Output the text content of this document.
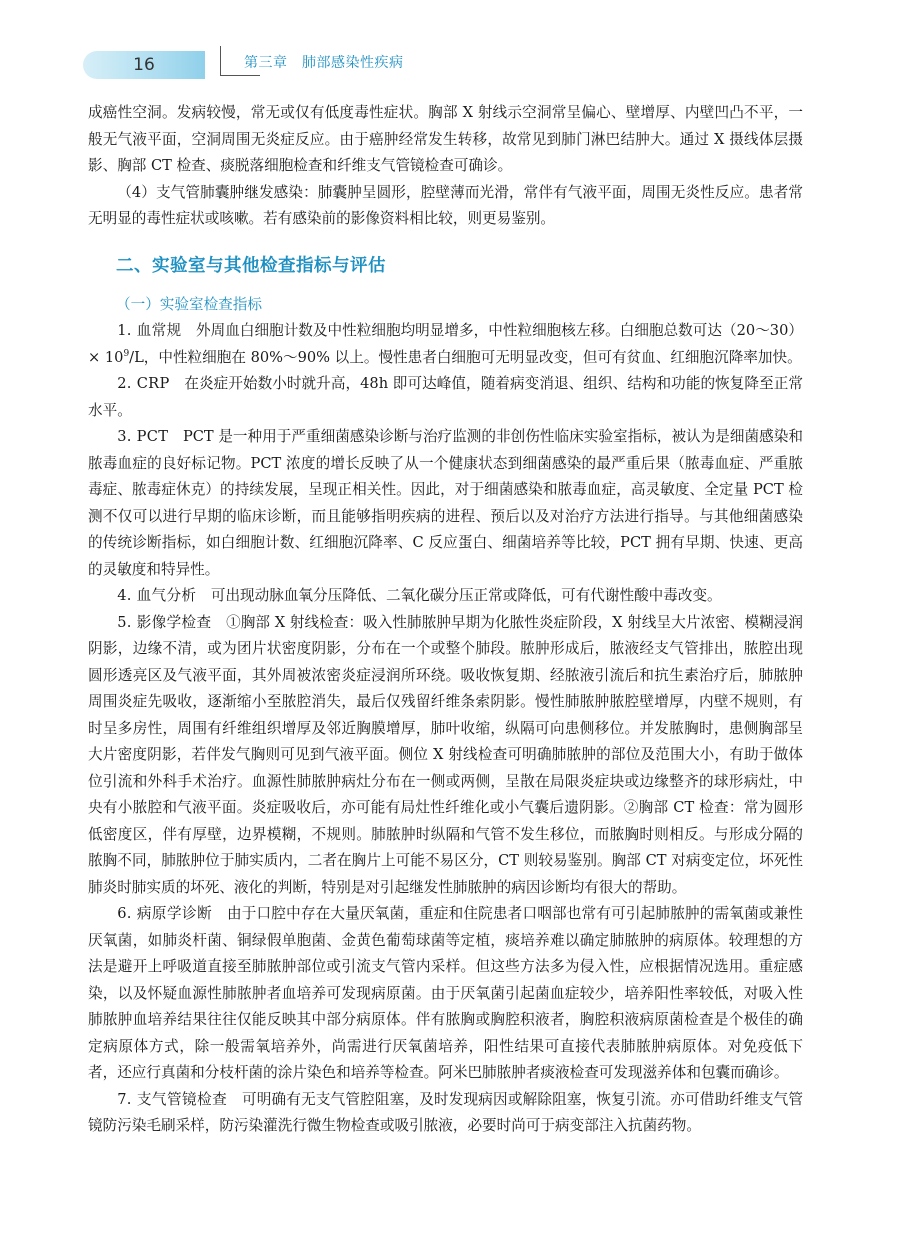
16	第三章　肺部感染性疾病

成癌性空洞。发病较慢，常无或仅有低度毒性症状。胸部 X 射线示空洞常呈偏心、壁增厚、内壁凹凸不平，一般无气液平面，空洞周围无炎症反应。由于癌肿经常发生转移，故常见到肺门淋巴结肿大。通过 X 摄线体层摄影、胸部 CT 检查、痰脱落细胞检查和纤维支气管镜检查可确诊。

（4）支气管肺囊肿继发感染：肺囊肿呈圆形，腔壁薄而光滑，常伴有气液平面，周围无炎性反应。患者常无明显的毒性症状或咳嗽。若有感染前的影像资料相比较，则更易鉴别。

二、实验室与其他检查指标与评估
（一）实验室检查指标

1. 血常规　 外周血白细胞计数及中性粒细胞均明显增多，中性粒细胞核左移。白细胞总数可达（20～30）× $10^9/L$，中性粒细胞在 80%～90% 以上。慢性患者白细胞可无明显改变，但可有贫血、红细胞沉降率加快。

2. CRP　 在炎症开始数小时就升高，48h 即可达峰值，随着病变消退、组织、结构和功能的恢复降至正常水平。

3. PCT　 PCT 是一种用于严重细菌感染诊断与治疗监测的非创伤性临床实验室指标，被认为是细菌感染和脓毒血症的良好标记物。PCT 浓度的增长反映了从一个健康状态到细菌感染的最严重后果（脓毒血症、严重脓毒症、脓毒症休克）的持续发展，呈现正相关性。因此，对于细菌感染和脓毒血症，高灵敏度、全定量 PCT 检测不仅可以进行早期的临床诊断，而且能够指明疾病的进程、预后以及对治疗方法进行指导。与其他细菌感染的传统诊断指标，如白细胞计数、红细胞沉降率、C 反应蛋白、细菌培养等比较，PCT 拥有早期、快速、更高的灵敏度和特异性。

4. 血气分析　 可出现动脉血氧分压降低、二氧化碳分压正常或降低，可有代谢性酸中毒改变。

5. 影像学检查　 ①胸部 X 射线检查：吸入性肺脓肿早期为化脓性炎症阶段，X 射线呈大片浓密、模糊浸润阴影，边缘不清，或为团片状密度阴影，分布在一个或整个肺段。脓肿形成后，脓液经支气管排出，脓腔出现圆形透亮区及气液平面，其外周被浓密炎症浸润所环绕。吸收恢复期、经脓液引流后和抗生素治疗后，肺脓肿周围炎症先吸收，逐渐缩小至脓腔消失，最后仅残留纤维条索阴影。慢性肺脓肿脓腔壁增厚，内壁不规则，有时呈多房性，周围有纤维组织增厚及邻近胸膜增厚，肺叶收缩，纵隔可向患侧移位。并发脓胸时，患侧胸部呈大片密度阴影，若伴发气胸则可见到气液平面。侧位 X 射线检查可明确肺脓肿的部位及范围大小，有助于做体位引流和外科手术治疗。血源性肺脓肿病灶分布在一侧或两侧，呈散在局限炎症块或边缘整齐的球形病灶，中央有小脓腔和气液平面。炎症吸收后，亦可能有局灶性纤维化或小气囊后遗阴影。②胸部 CT 检查：常为圆形低密度区，伴有厚壁，边界模糊，不规则。肺脓肿时纵隔和气管不发生移位，而脓胸时则相反。与形成分隔的脓胸不同，肺脓肿位于肺实质内，二者在胸片上可能不易区分，CT 则较易鉴别。胸部 CT 对病变定位，坏死性肺炎时肺实质的坏死、液化的判断，特别是对引起继发性肺脓肿的病因诊断均有很大的帮助。

6. 病原学诊断　 由于口腔中存在大量厌氧菌，重症和住院患者口咽部也常有可引起肺脓肿的需氧菌或兼性厌氧菌，如肺炎杆菌、铜绿假单胞菌、金黄色葡萄球菌等定植，痰培养难以确定肺脓肿的病原体。较理想的方法是避开上呼吸道直接至肺脓肿部位或引流支气管内采样。但这些方法多为侵入性，应根据情况选用。重症感染，以及怀疑血源性肺脓肿者血培养可发现病原菌。由于厌氧菌引起菌血症较少，培养阳性率较低，对吸入性肺脓肿血培养结果往往仅能反映其中部分病原体。伴有脓胸或胸腔积液者，胸腔积液病原菌检查是个极佳的确定病原体方式，除一般需氧培养外，尚需进行厌氧菌培养，阳性结果可直接代表肺脓肿病原体。对免疫低下者，还应行真菌和分枝杆菌的涂片染色和培养等检查。阿米巴肺脓肿者痰液检查可发现滋养体和包囊而确诊。

7. 支气管镜检查　 可明确有无支气管腔阻塞，及时发现病因或解除阻塞，恢复引流。亦可借助纤维支气管镜防污染毛刷采样，防污染灌洗行微生物检查或吸引脓液，必要时尚可于病变部注入抗菌药物。
